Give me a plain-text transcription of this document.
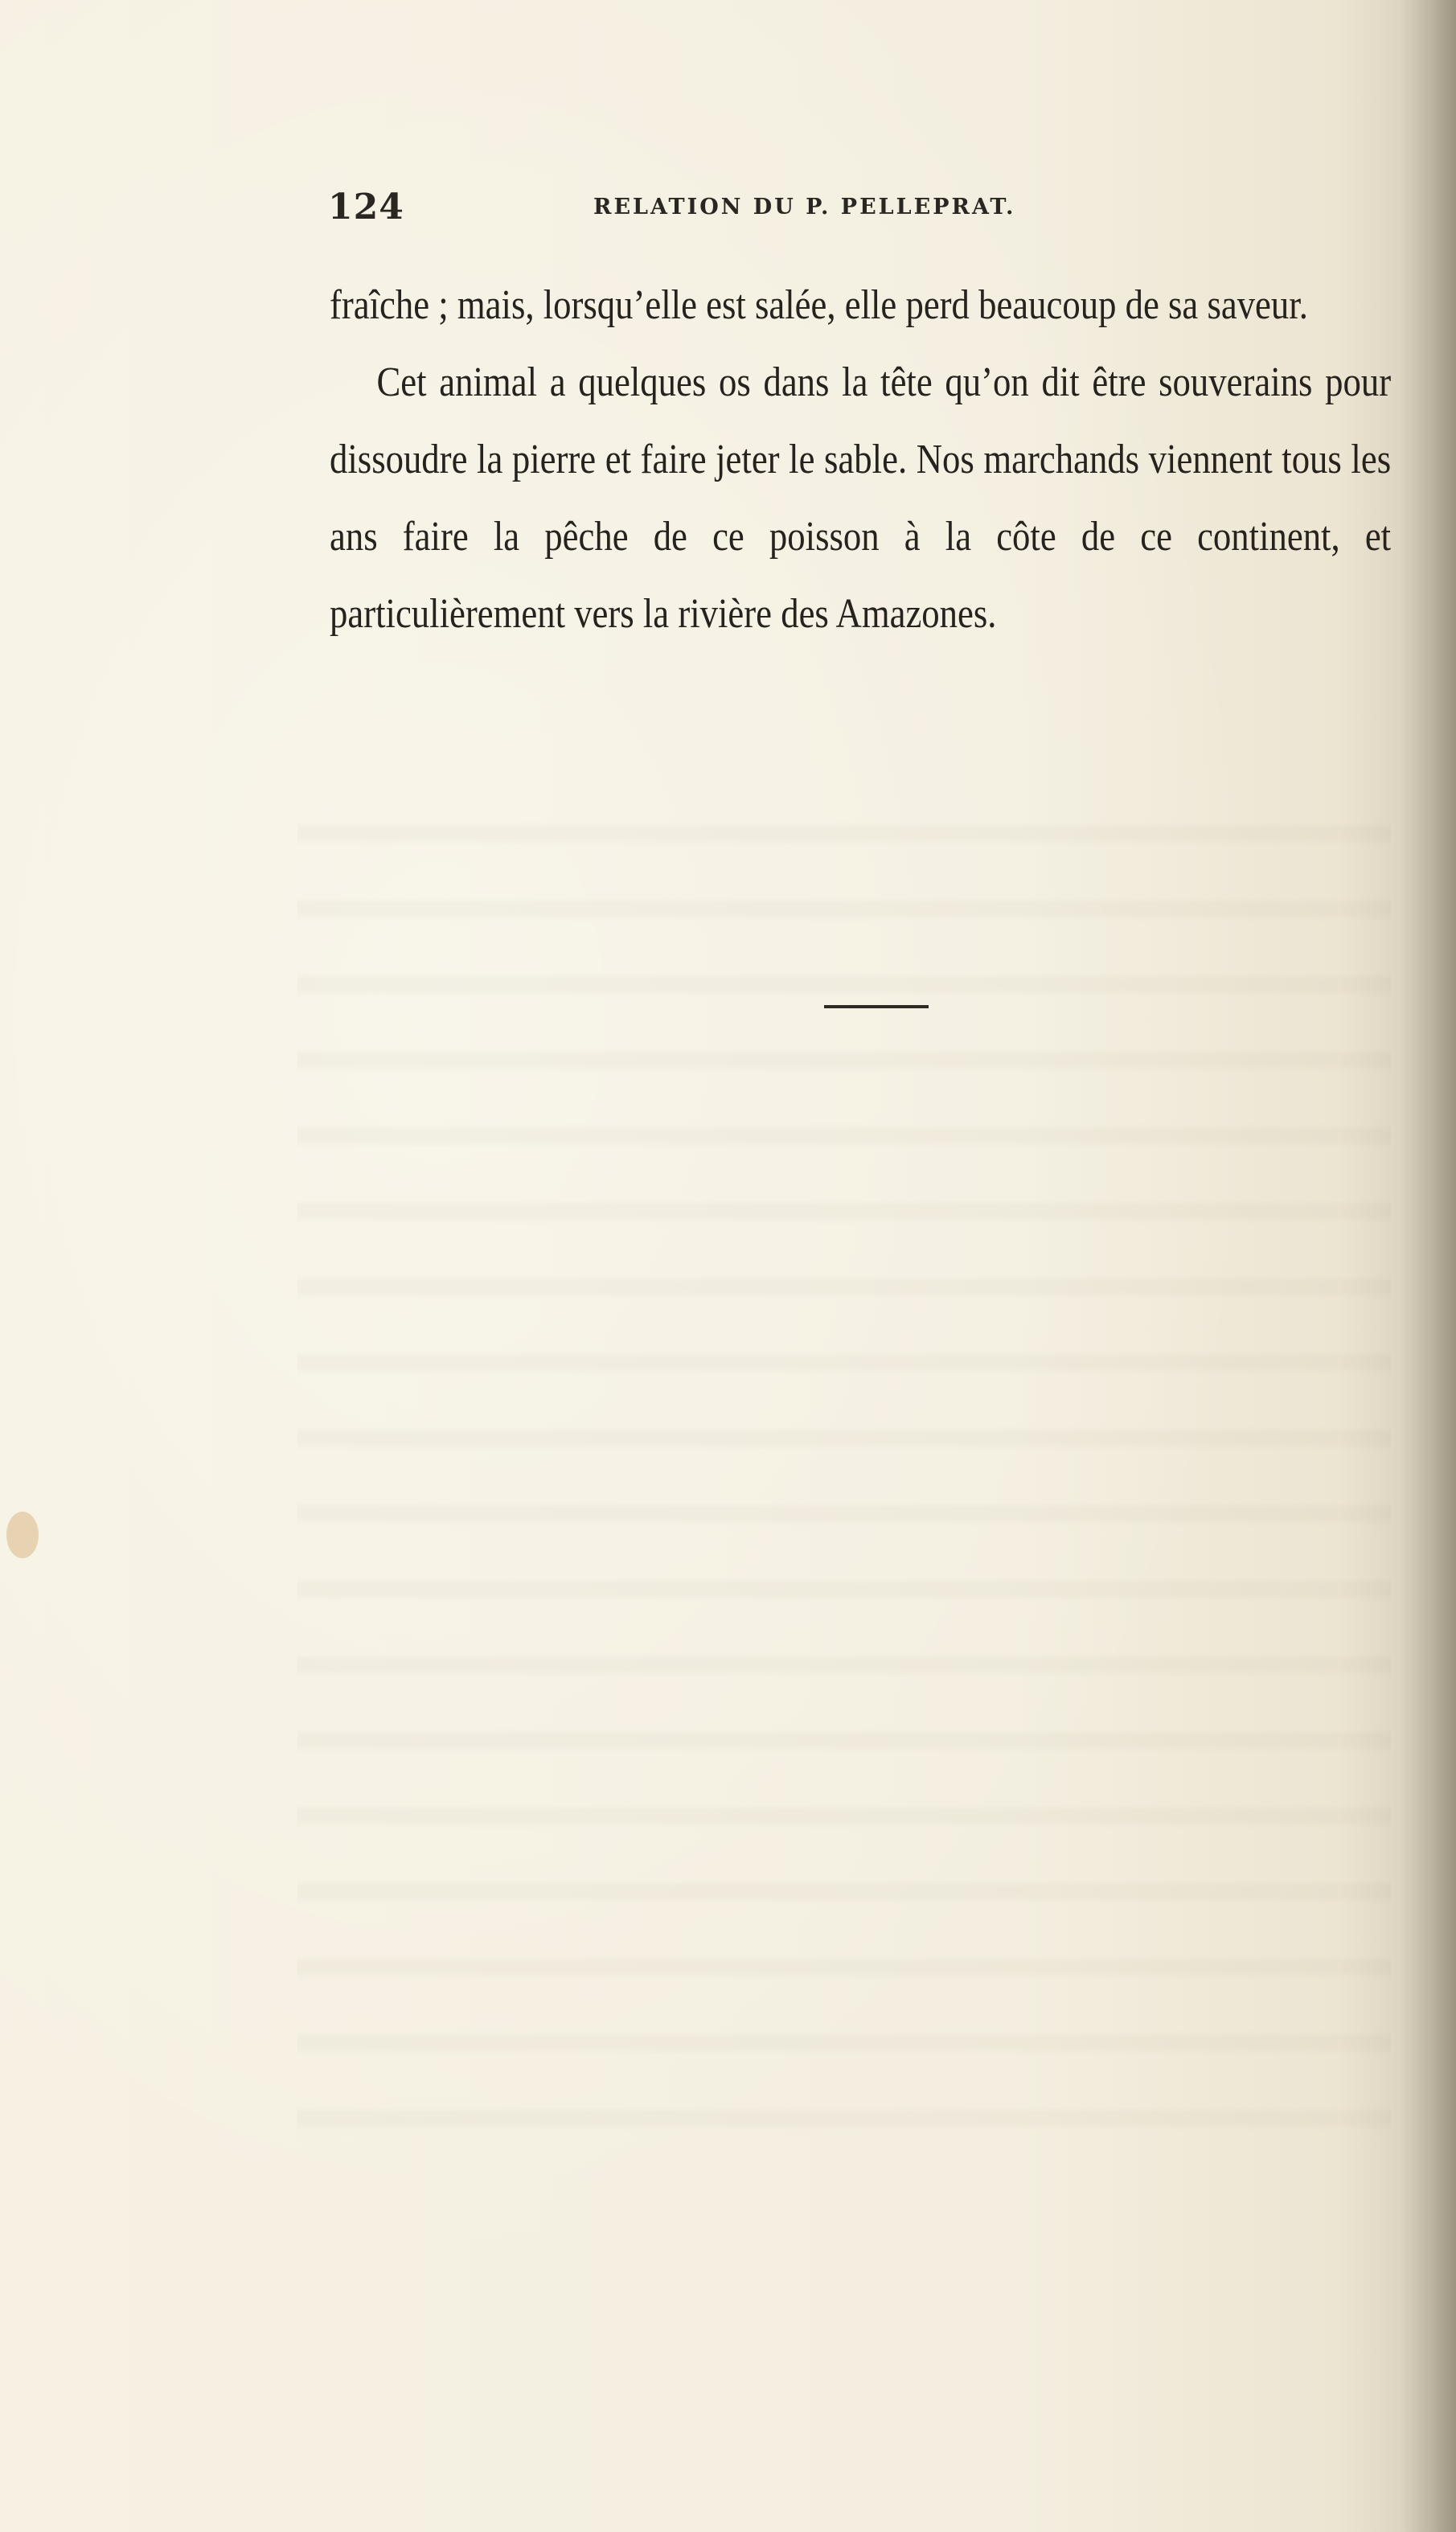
124	RELATION DU P. PELLEPRAT.

fraîche ; mais, lorsqu’elle est salée, elle perd beaucoup de sa saveur.

Cet animal a quelques os dans la tête qu’on dit être souverains pour dissoudre la pierre et faire jeter le sable. Nos marchands viennent tous les ans faire la pêche de ce poisson à la côte de ce continent, et particulièrement vers la rivière des Amazones.
